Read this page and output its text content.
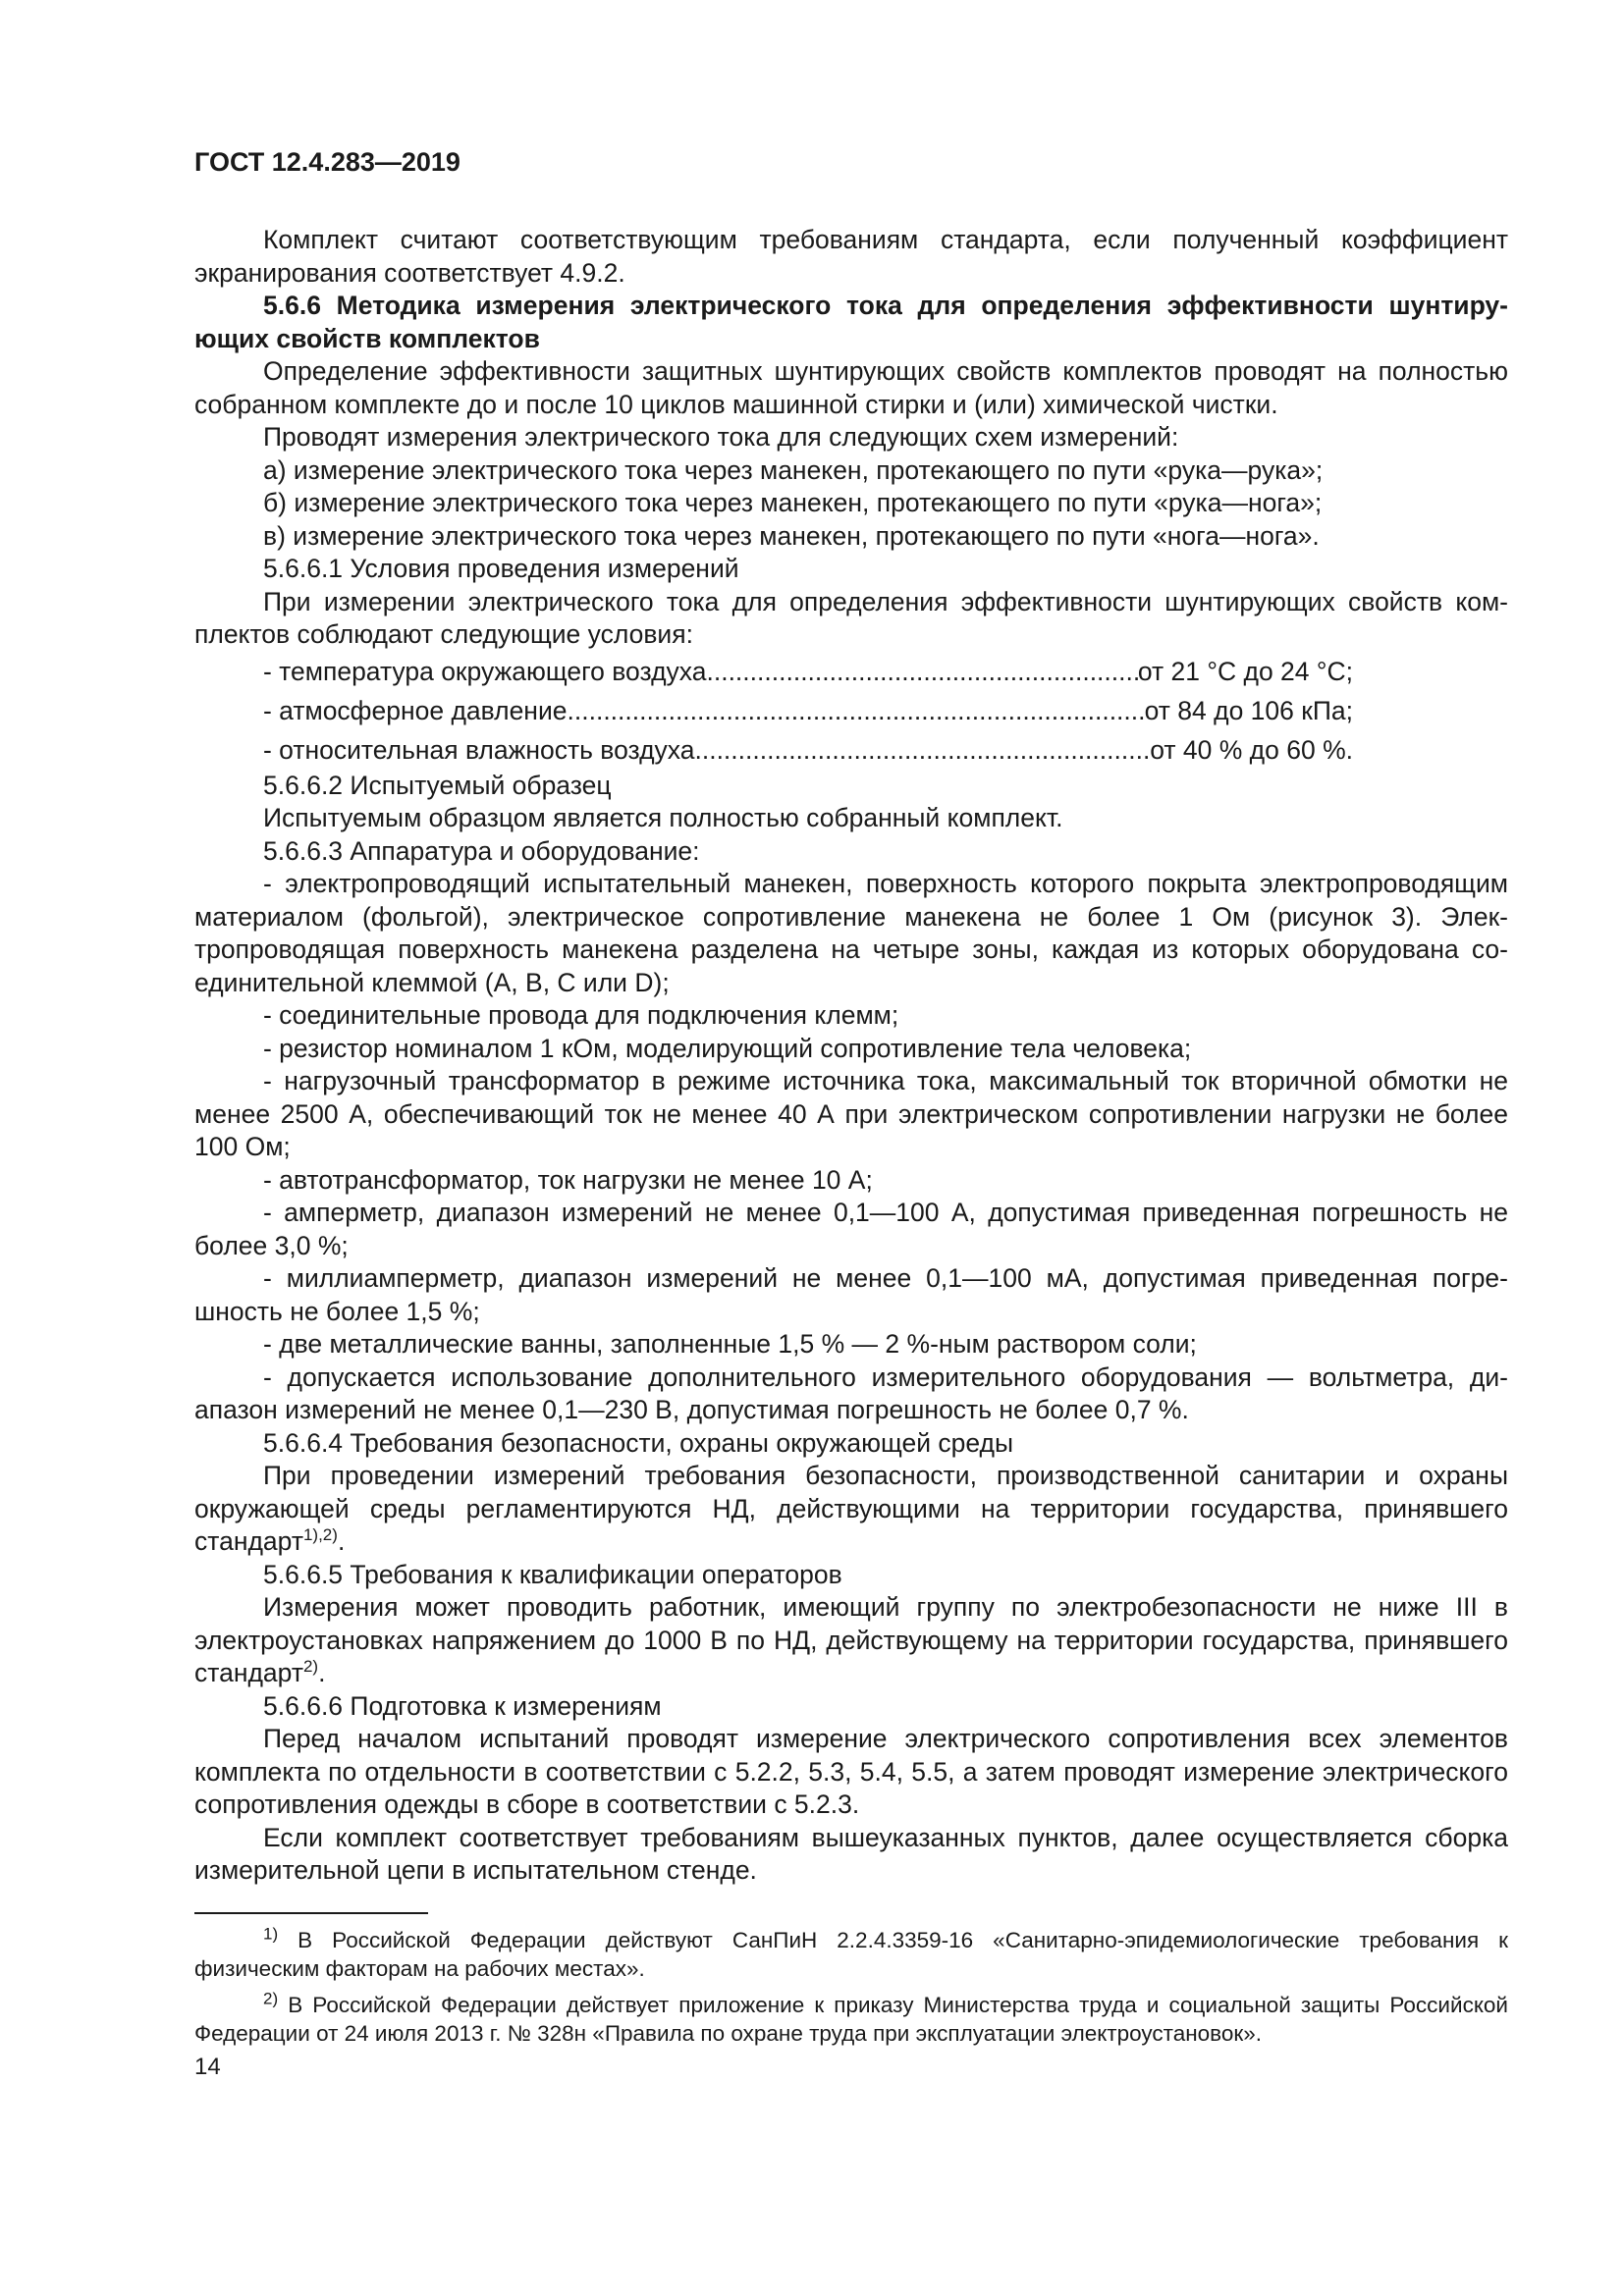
ГОСТ 12.4.283—2019

Комплект считают соответствующим требованиям стандарта, если полученный коэффициент экранирования соответствует 4.9.2.

5.6.6 Методика измерения электрического тока для определения эффективности шунтирующих свойств комплектов

Определение эффективности защитных шунтирующих свойств комплектов проводят на полностью собранном комплекте до и после 10 циклов машинной стирки и (или) химической чистки.

Проводят измерения электрического тока для следующих схем измерений:

а) измерение электрического тока через манекен, протекающего по пути «рука—рука»;

б) измерение электрического тока через манекен, протекающего по пути «рука—нога»;

в) измерение электрического тока через манекен, протекающего по пути «нога—нога».

5.6.6.1 Условия проведения измерений

При измерении электрического тока для определения эффективности шунтирующих свойств комплектов соблюдают следующие условия:

- температура окружающего воздуха .....	от 21 °С до 24 °С;
- атмосферное давление .....	от 84 до 106 кПа;
- относительная влажность воздуха .....	от 40 % до 60 %.

5.6.6.2 Испытуемый образец

Испытуемым образцом является полностью собранный комплект.

5.6.6.3 Аппаратура и оборудование:

- электропроводящий испытательный манекен, поверхность которого покрыта электропроводящим материалом (фольгой), электрическое сопротивление манекена не более 1 Ом (рисунок 3). Электропроводящая поверхность манекена разделена на четыре зоны, каждая из которых оборудована соединительной клеммой (A, B, C или D);

- соединительные провода для подключения клемм;

- резистор номиналом 1 кОм, моделирующий сопротивление тела человека;

- нагрузочный трансформатор в режиме источника тока, максимальный ток вторичной обмотки не менее 2500 А, обеспечивающий ток не менее 40 А при электрическом сопротивлении нагрузки не более 100 Ом;

- автотрансформатор, ток нагрузки не менее 10 А;

- амперметр, диапазон измерений не менее 0,1—100 А, допустимая приведенная погрешность не более 3,0 %;

- миллиамперметр, диапазон измерений не менее 0,1—100 мА, допустимая приведенная погрешность не более 1,5 %;

- две металлические ванны, заполненные 1,5 % — 2 %-ным раствором соли;

- допускается использование дополнительного измерительного оборудования — вольтметра, диапазон измерений не менее 0,1—230 В, допустимая погрешность не более 0,7 %.

5.6.6.4 Требования безопасности, охраны окружающей среды

При проведении измерений требования безопасности, производственной санитарии и охраны окружающей среды регламентируются НД, действующими на территории государства, принявшего стандарт$^{1),2)}$.

5.6.6.5 Требования к квалификации операторов

Измерения может проводить работник, имеющий группу по электробезопасности не ниже III в электроустановках напряжением до 1000 В по НД, действующему на территории государства, принявшего стандарт$^{2)}$.

5.6.6.6 Подготовка к измерениям

Перед началом испытаний проводят измерение электрического сопротивления всех элементов комплекта по отдельности в соответствии с 5.2.2, 5.3, 5.4, 5.5, а затем проводят измерение электрического сопротивления одежды в сборе в соответствии с 5.2.3.

Если комплект соответствует требованиям вышеуказанных пунктов, далее осуществляется сборка измерительной цепи в испытательном стенде.

$^{1)}$ В Российской Федерации действуют СанПиН 2.2.4.3359-16 «Санитарно-эпидемиологические требования к физическим факторам на рабочих местах».

$^{2)}$ В Российской Федерации действует приложение к приказу Министерства труда и социальной защиты Российской Федерации от 24 июля 2013 г. № 328н «Правила по охране труда при эксплуатации электроустановок».

14
